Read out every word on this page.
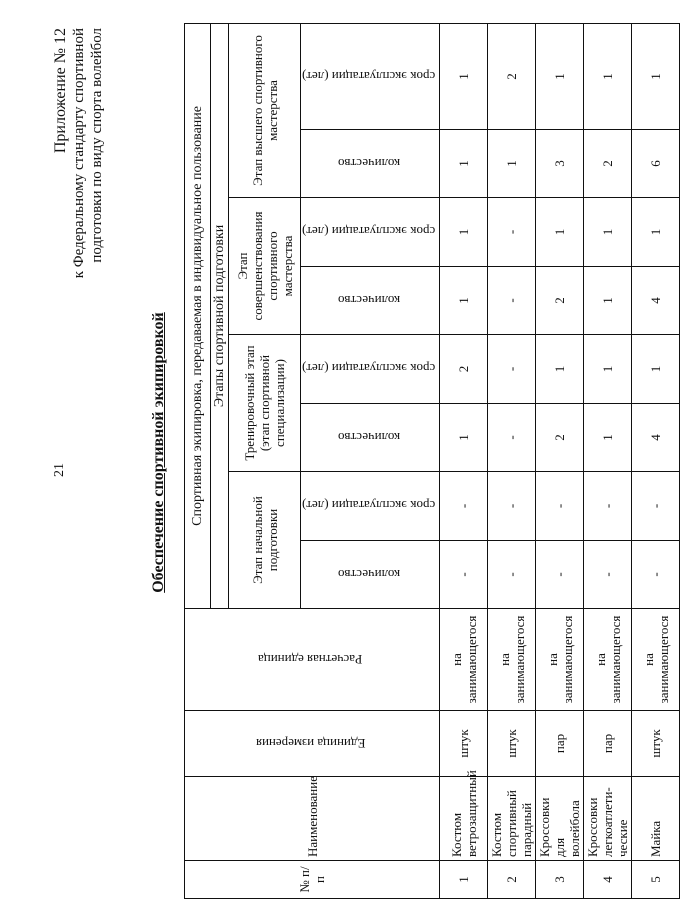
21
Приложение № 12 к Федеральному стандарту спортивной подготовки по виду спорта волейбол
Обеспечение спортивной экипировкой
№ п/п	Наименование	Единица измерения	Расчетная единица	Спортивная экипировка, передаваемая в индивидуальное пользование							
				Этапы спортивной подготовки							
				Этап начальной подготовки		Тренировочный этап (этап спортивной специализации)		Этап совершенствования спортивного мастерства		Этап высшего спортивного мастерства	
				количество	срок эксплуатации (лет)	количество	срок эксплуатации (лет)	количество	срок эксплуатации (лет)	количество	срок эксплуатации (лет)
1	Костюм ветрозащитный	штук	на занимающегося	-	-	1	2	1	1	1	1
2	Костюм спортивный парадный	штук	на занимающегося	-	-	-	-	-	-	1	2
3	Кроссовки для волейбола	пар	на занимающегося	-	-	2	1	2	1	3	1
4	Кроссовки легкоатлети-ческие	пар	на занимающегося	-	-	1	1	1	1	2	1
5	Майка	штук	на занимающегося	-	-	4	1	4	1	6	1
